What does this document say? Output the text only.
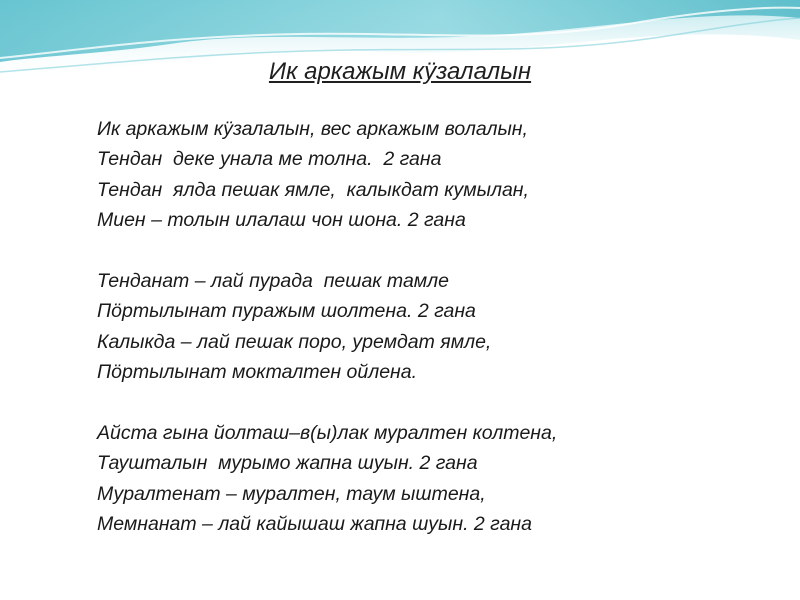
Ик аркажым кӱзалалын
Ик аркажым кӱзалалын, вес аркажым волалын,
Тендан  деке унала ме толна.  2 гана
Тендан  ялда пешак ямле,  калыкдат кумылан,
Миен – толын илалаш чон шона. 2 гана
Тенданат – лай пурада  пешак тамле
Пӧртылынат пуражым шолтена. 2 гана
Калыкда – лай пешак поро, уремдат ямле,
Пӧртылынат мокталтен ойлена.
Айста гына йолташ–в(ы)лак муралтен колтена,
Таушталын  мурымо жапна шуын. 2 гана
Муралтенат – муралтен, таум ыштена,
Мемнанат – лай кайышаш жапна шуын. 2 гана
